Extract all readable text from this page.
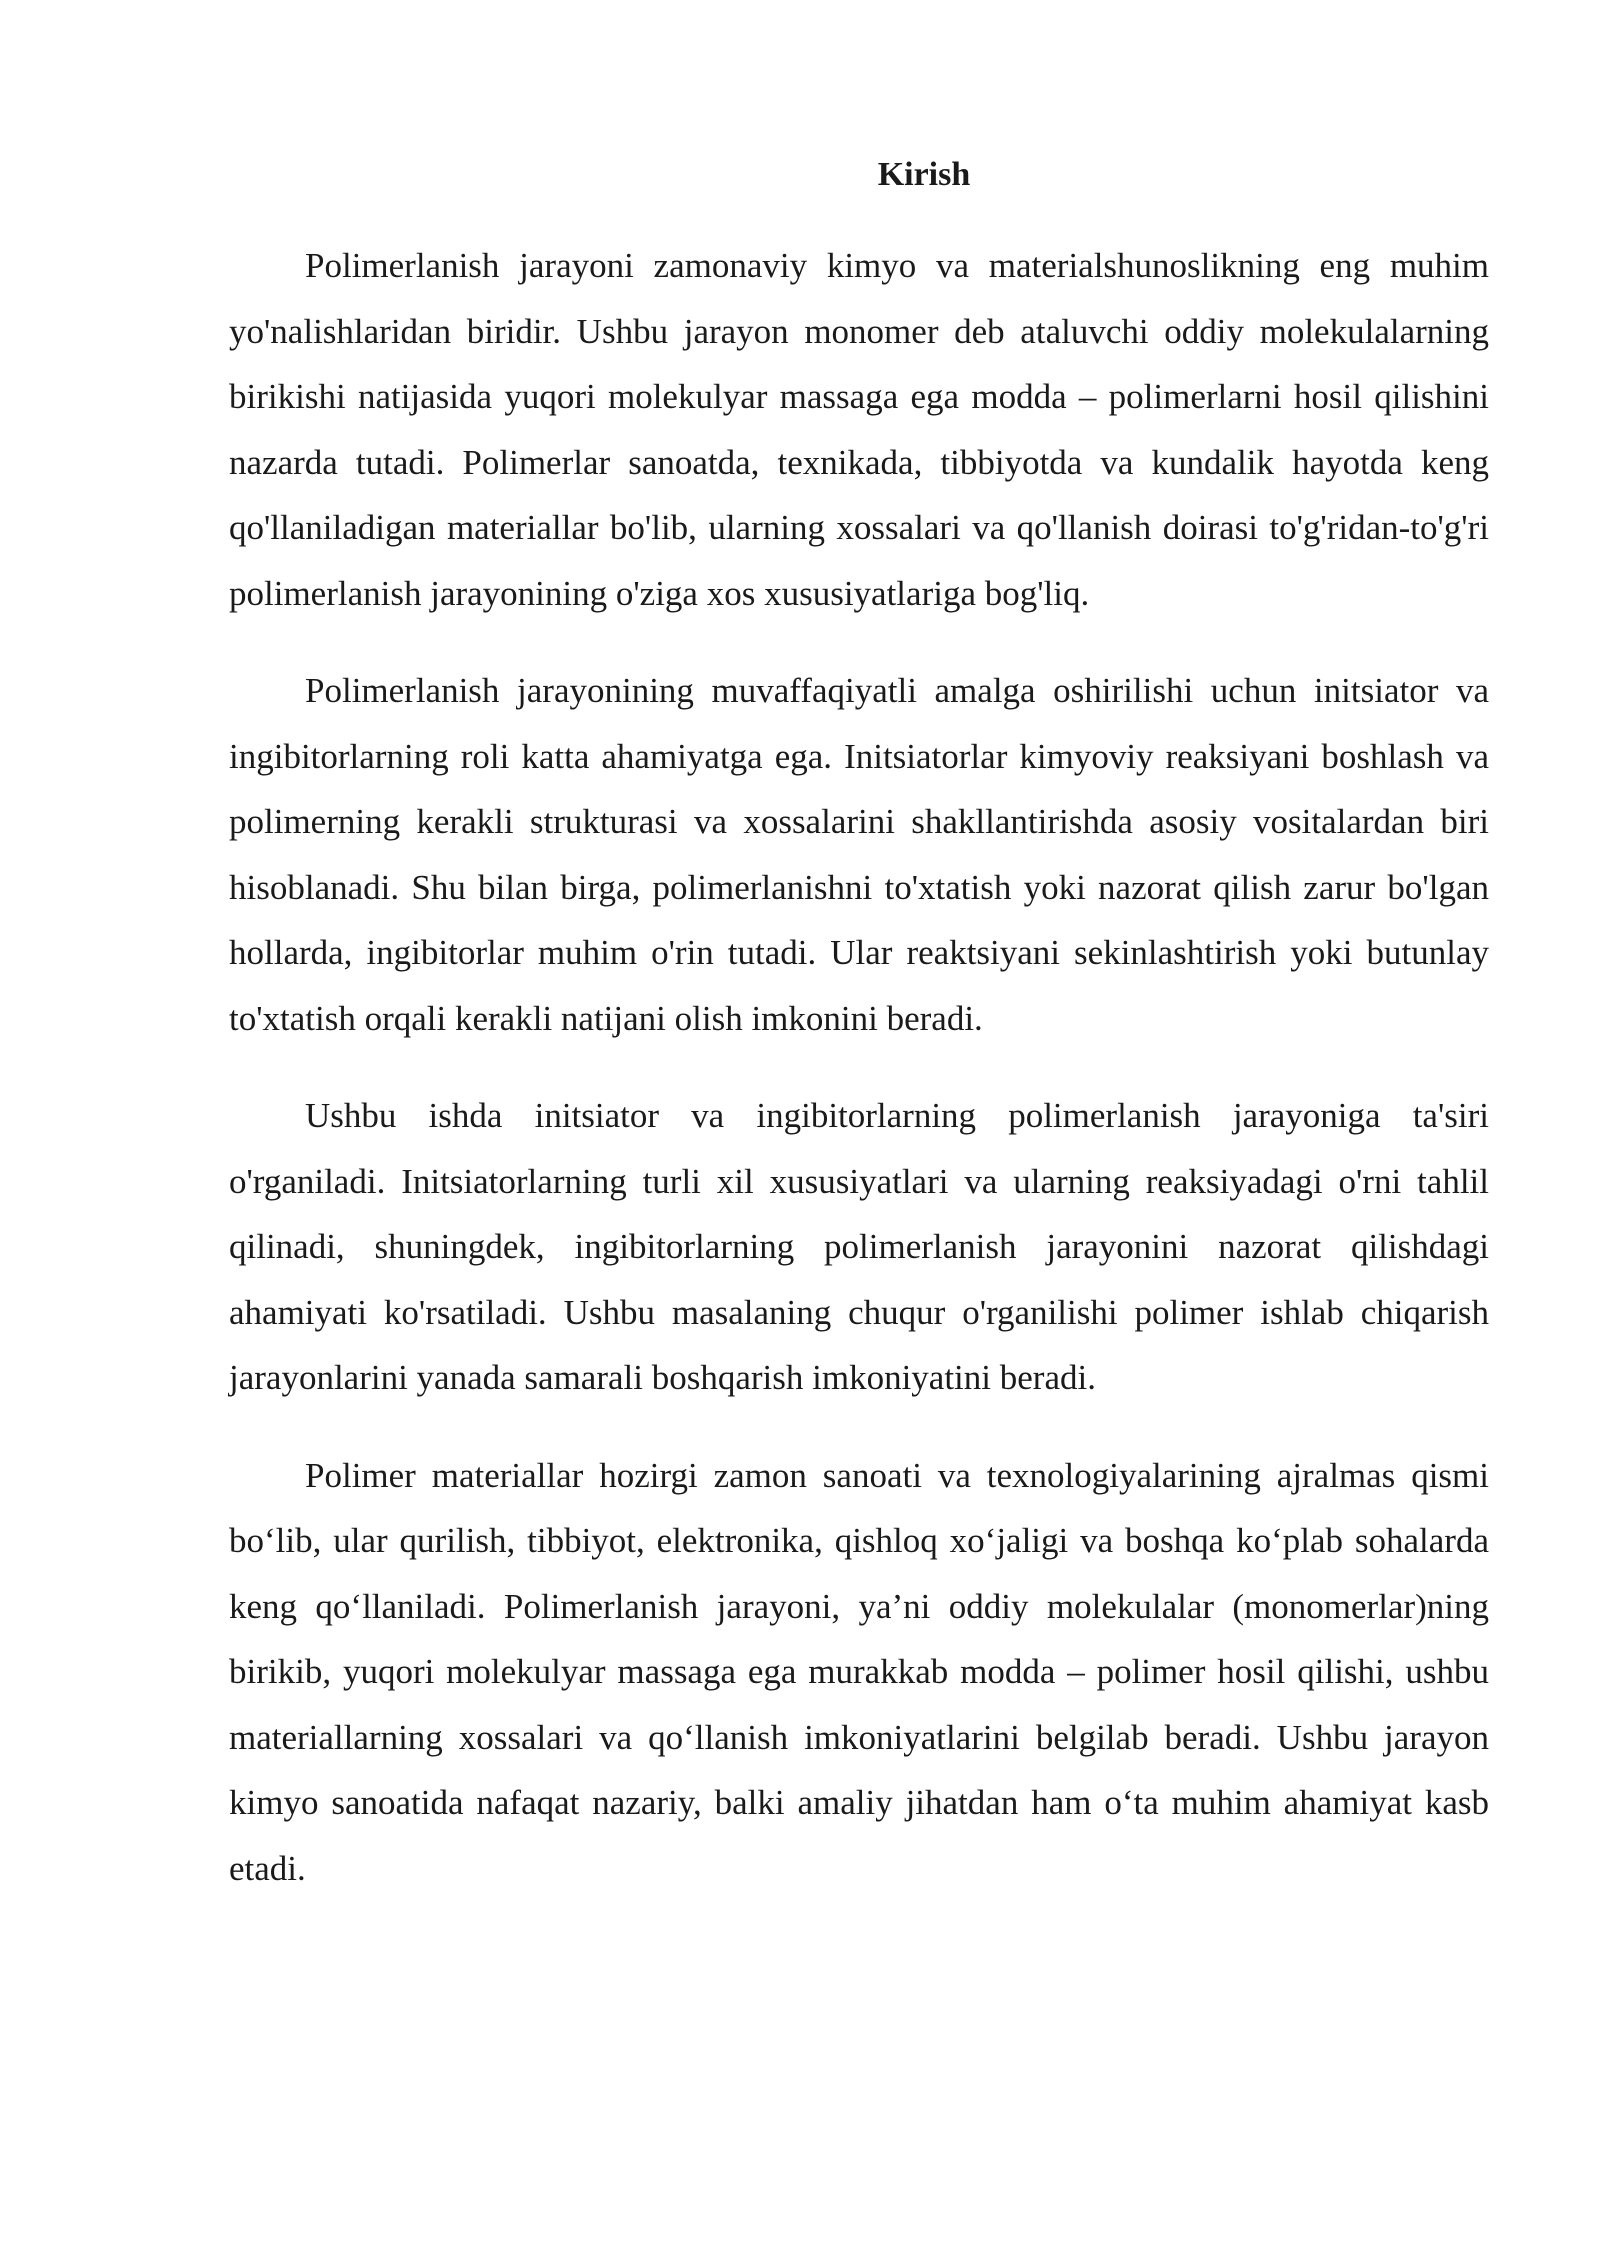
Kirish

Polimerlanish jarayoni zamonaviy kimyo va materialshunoslikning eng muhim yo'nalishlaridan biridir. Ushbu jarayon monomer deb ataluvchi oddiy molekulalarning birikishi natijasida yuqori molekulyar massaga ega modda – polimerlarni hosil qilishini nazarda tutadi. Polimerlar sanoatda, texnikada, tibbiyotda va kundalik hayotda keng qo'llaniladigan materiallar bo'lib, ularning xossalari va qo'llanish doirasi to'g'ridan-to'g'ri polimerlanish jarayonining o'ziga xos xususiyatlariga bog'liq.

Polimerlanish jarayonining muvaffaqiyatli amalga oshirilishi uchun initsiator va ingibitorlarning roli katta ahamiyatga ega. Initsiatorlar kimyoviy reaksiyani boshlash va polimerning kerakli strukturasi va xossalarini shakllantirishda asosiy vositalardan biri hisoblanadi. Shu bilan birga, polimerlanishni to'xtatish yoki nazorat qilish zarur bo'lgan hollarda, ingibitorlar muhim o'rin tutadi. Ular reaktsiyani sekinlashtirish yoki butunlay to'xtatish orqali kerakli natijani olish imkonini beradi.

Ushbu ishda initsiator va ingibitorlarning polimerlanish jarayoniga ta'siri o'rganiladi. Initsiatorlarning turli xil xususiyatlari va ularning reaksiyadagi o'rni tahlil qilinadi, shuningdek, ingibitorlarning polimerlanish jarayonini nazorat qilishdagi ahamiyati ko'rsatiladi. Ushbu masalaning chuqur o'rganilishi polimer ishlab chiqarish jarayonlarini yanada samarali boshqarish imkoniyatini beradi.

Polimer materiallar hozirgi zamon sanoati va texnologiyalarining ajralmas qismi bo‘lib, ular qurilish, tibbiyot, elektronika, qishloq xo‘jaligi va boshqa ko‘plab sohalarda keng qo‘llaniladi. Polimerlanish jarayoni, ya’ni oddiy molekulalar (monomerlar)ning birikib, yuqori molekulyar massaga ega murakkab modda – polimer hosil qilishi, ushbu materiallarning xossalari va qo‘llanish imkoniyatlarini belgilab beradi. Ushbu jarayon kimyo sanoatida nafaqat nazariy, balki amaliy jihatdan ham o‘ta muhim ahamiyat kasb etadi.
